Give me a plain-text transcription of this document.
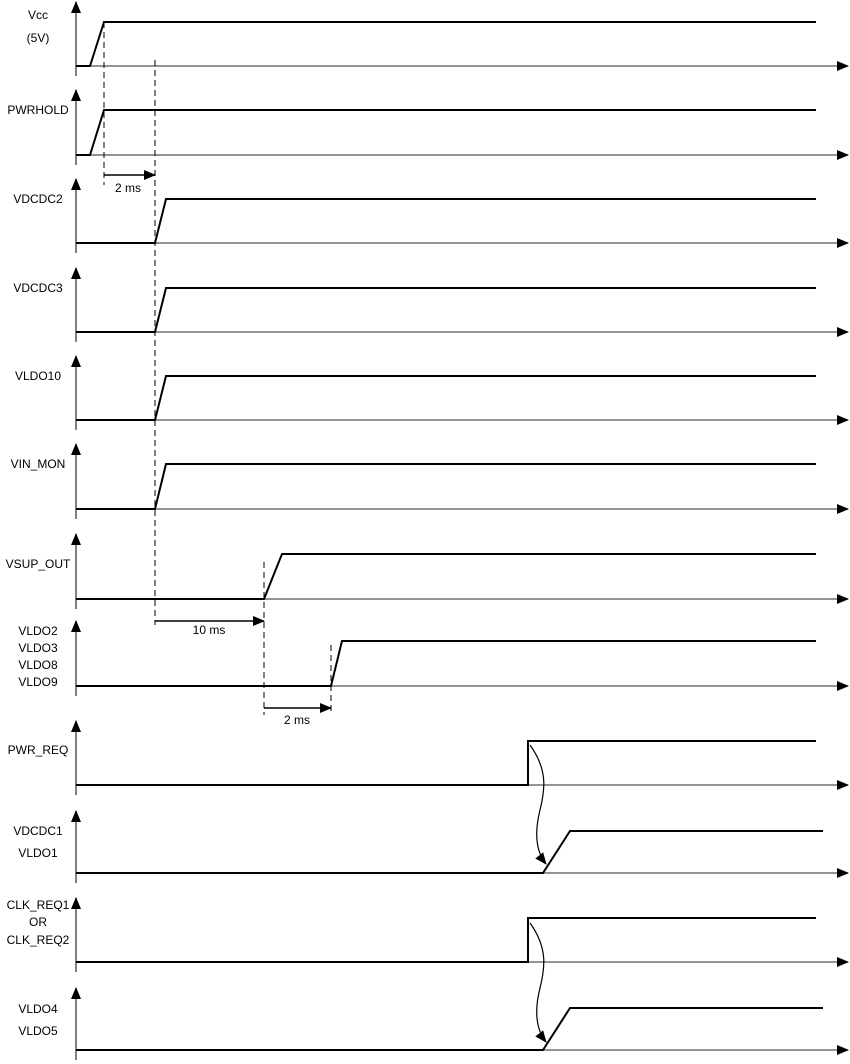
Vcc
(5V)
PWRHOLD
VDCDC2
VDCDC3
VLDO10
VIN_MON
VSUP_OUT
VLDO2
VLDO3
VLDO8
VLDO9
PWR_REQ
VDCDC1
VLDO1
CLK_REQ1
OR
CLK_REQ2
VLDO4
VLDO5
2 ms
10 ms
2 ms
